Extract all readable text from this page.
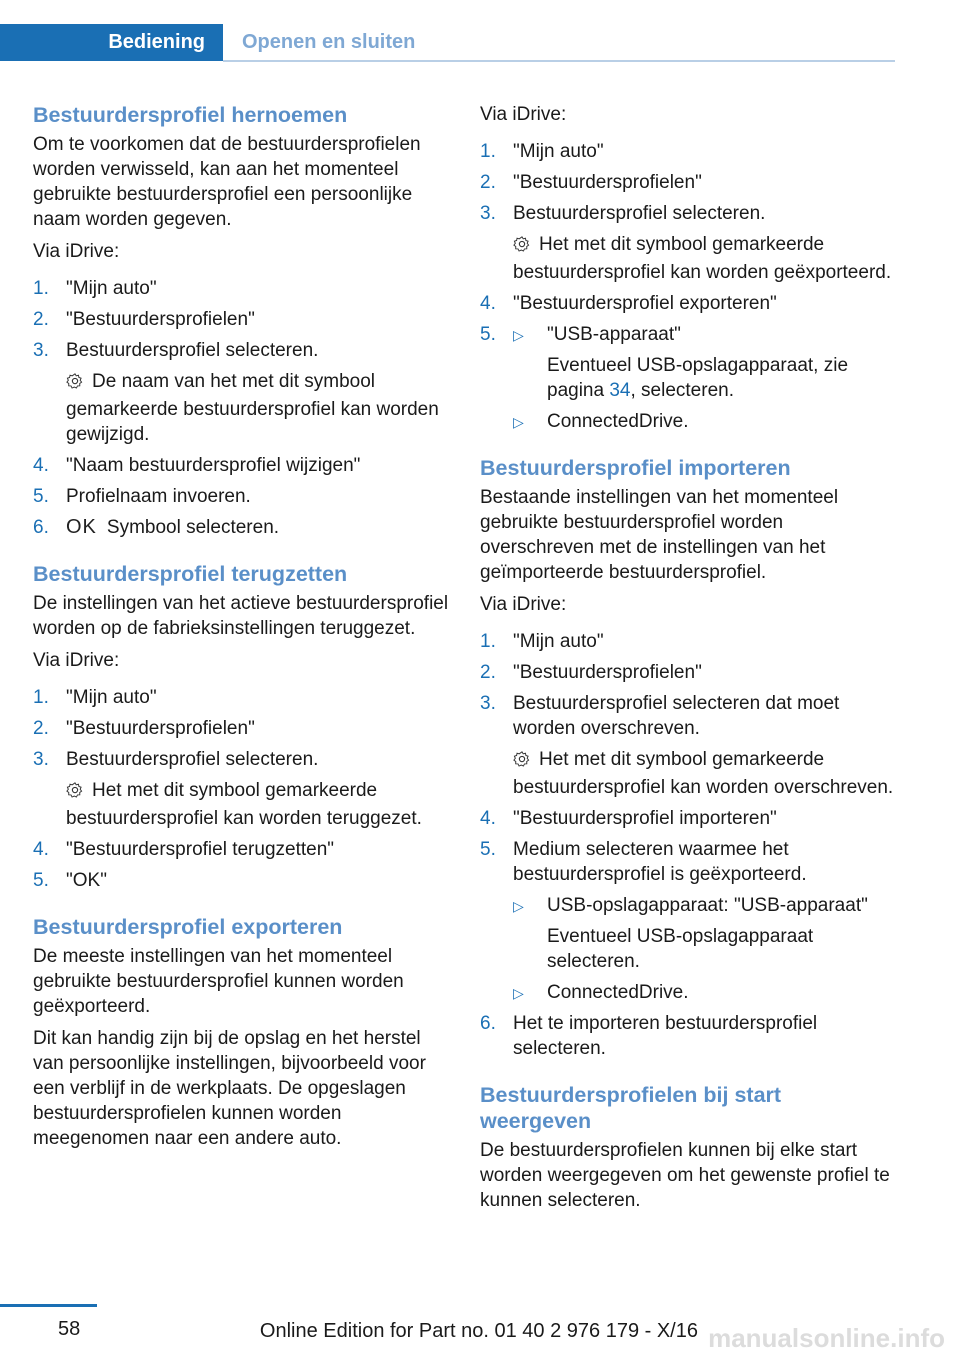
Bediening	Openen en sluiten
Bestuurdersprofiel hernoemen

Om te voorkomen dat de bestuurdersprofielen worden verwisseld, kan aan het momenteel gebruikte bestuurdersprofiel een persoonlijke naam worden gegeven.

Via iDrive:

1. "Mijn auto"
2. "Bestuurdersprofielen"
3. Bestuurdersprofiel selecteren.
De naam van het met dit symbool gemarkeerde bestuurdersprofiel kan worden gewijzigd.
4. "Naam bestuurdersprofiel wijzigen"
5. Profielnaam invoeren.
6. OK Symbool selecteren.
Bestuurdersprofiel terugzetten

De instellingen van het actieve bestuurdersprofiel worden op de fabrieksinstellingen teruggezet.

Via iDrive:

1. "Mijn auto"
2. "Bestuurdersprofielen"
3. Bestuurdersprofiel selecteren.
Het met dit symbool gemarkeerde bestuurdersprofiel kan worden teruggezet.
4. "Bestuurdersprofiel terugzetten"
5. "OK"
Bestuurdersprofiel exporteren

De meeste instellingen van het momenteel gebruikte bestuurdersprofiel kunnen worden geëxporteerd.

Dit kan handig zijn bij de opslag en het herstel van persoonlijke instellingen, bijvoorbeeld voor een verblijf in de werkplaats. De opgeslagen bestuurdersprofielen kunnen worden meegenomen naar een andere auto.

Via iDrive:

1. "Mijn auto"
2. "Bestuurdersprofielen"
3. Bestuurdersprofiel selecteren.
Het met dit symbool gemarkeerde bestuurdersprofiel kan worden geëxporteerd.
4. "Bestuurdersprofiel exporteren"
5. ▷ "USB-apparaat"
Eventueel USB-opslagapparaat, zie pagina 34, selecteren.
▷ ConnectedDrive.
Bestuurdersprofiel importeren

Bestaande instellingen van het momenteel gebruikte bestuurdersprofiel worden overschreven met de instellingen van het geïmporteerde bestuurdersprofiel.

Via iDrive:

1. "Mijn auto"
2. "Bestuurdersprofielen"
3. Bestuurdersprofiel selecteren dat moet worden overschreven.
Het met dit symbool gemarkeerde bestuurdersprofiel kan worden overschreven.
4. "Bestuurdersprofiel importeren"
5. Medium selecteren waarmee het bestuurdersprofiel is geëxporteerd.
▷ USB-opslagapparaat: "USB-apparaat"
Eventueel USB-opslagapparaat selecteren.
▷ ConnectedDrive.
6. Het te importeren bestuurdersprofiel selecteren.
Bestuurdersprofielen bij start weergeven

De bestuurdersprofielen kunnen bij elke start worden weergegeven om het gewenste profiel te kunnen selecteren.

58	Online Edition for Part no. 01 40 2 976 179 - X/16 manualsonline.info
